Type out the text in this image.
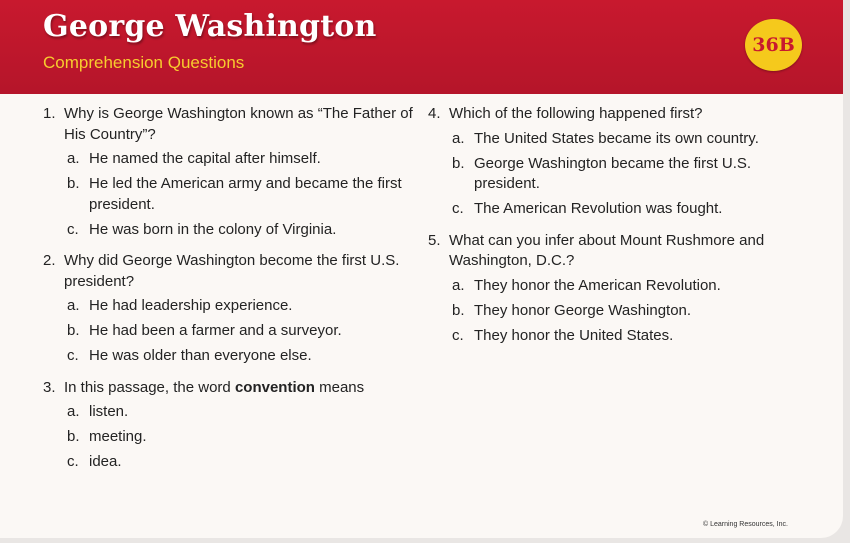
George Washington
Comprehension Questions
36B
1. Why is George Washington known as “The Father of His Country”?
a. He named the capital after himself.
b. He led the American army and became the first president.
c. He was born in the colony of Virginia.
2. Why did George Washington become the first U.S. president?
a. He had leadership experience.
b. He had been a farmer and a surveyor.
c. He was older than everyone else.
3. In this passage, the word convention means
a. listen.
b. meeting.
c. idea.
4. Which of the following happened first?
a. The United States became its own country.
b. George Washington became the first U.S. president.
c. The American Revolution was fought.
5. What can you infer about Mount Rushmore and Washington, D.C.?
a. They honor the American Revolution.
b. They honor George Washington.
c. They honor the United States.
© Learning Resources, Inc.
